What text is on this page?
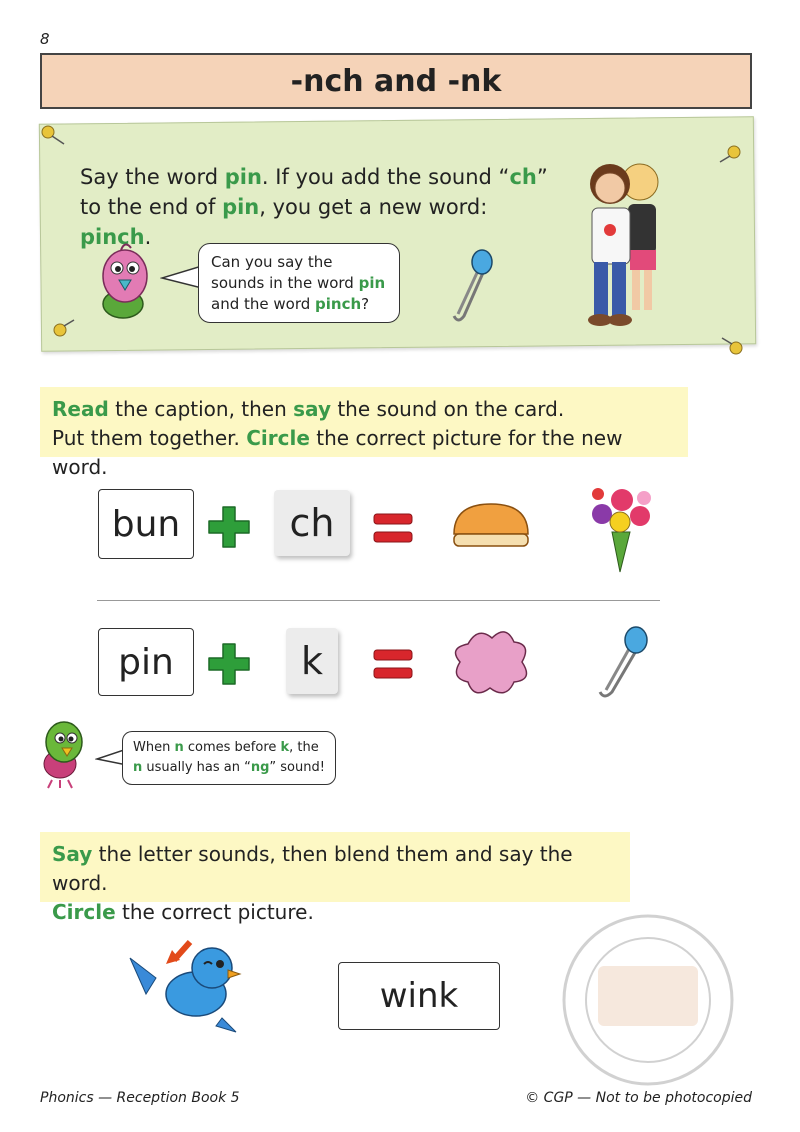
8
-nch and -nk
Say the word pin. If you add the sound “ch”
to the end of pin, you get a new word: pinch.
Can you say the
sounds in the word pin
and the word pinch?
Read the caption, then say the sound on the card.
Put them together. Circle the correct picture for the new word.
bun	ch
pin	k
When n comes before k, the
n usually has an “ng” sound!
Say the letter sounds, then blend them and say the word.
Circle the correct picture.
wink
Phonics — Reception Book 5	© CGP — Not to be photocopied
